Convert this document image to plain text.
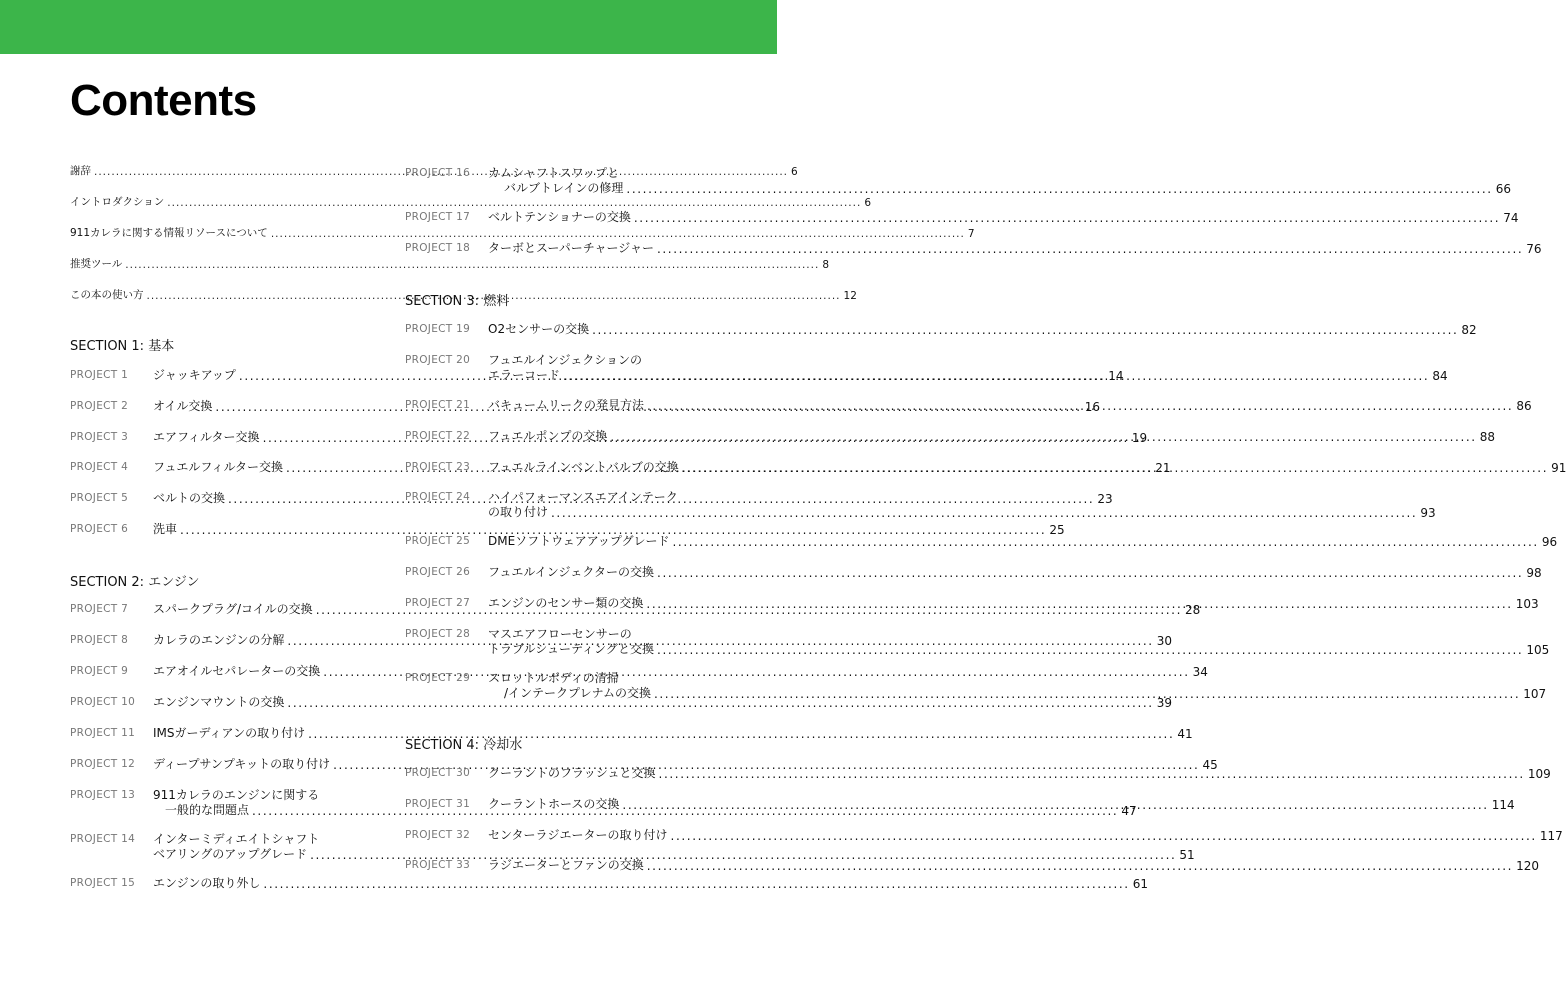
Contents
謝辞 .....	6
イントロダクション .....	6
911カレラに関する情報リソースについて .....	7
推奨ツール .....	8
この本の使い方 .....	12
SECTION 1: 基本
SECTION 2: エンジン
SECTION 3: 燃料
SECTION 4: 冷却水
PROJECT 1	ジャッキアップ .....	14
PROJECT 2	オイル交換 .....	16
PROJECT 3	エアフィルター交換 .....	19
PROJECT 4	フュエルフィルター交換 .....	21
PROJECT 5	ベルトの交換 .....	23
PROJECT 6	洗車 .....	25
PROJECT 7	スパークプラグ/コイルの交換 .....	28
PROJECT 8	カレラのエンジンの分解 .....	30
PROJECT 9	エアオイルセパレーターの交換 .....	34
PROJECT 10	エンジンマウントの交換 .....	39
PROJECT 11	IMSガーディアンの取り付け .....	41
PROJECT 12	ディープサンプキットの取り付け .....	45
PROJECT 13	911カレラのエンジンに関する
一般的な問題点 .....	47
PROJECT 14	インターミディエイトシャフト
ベアリングのアップグレード .....	51
PROJECT 15	エンジンの取り外し .....	61
PROJECT 16	カムシャフトスワップと
バルブトレインの修理 .....	66
PROJECT 17	ベルトテンショナーの交換 .....	74
PROJECT 18	ターボとスーパーチャージャー .....	76
PROJECT 19	O2センサーの交換 .....	82
PROJECT 20	フュエルインジェクションの
エラーコード .....	84
PROJECT 21	バキュームリークの発見方法 .....	86
PROJECT 22	フュエルポンプの交換 .....	88
PROJECT 23	フュエルラインベントバルブの交換 .....	91
PROJECT 24	ハイパフォーマンスエアインテーク
の取り付け .....	93
PROJECT 25	DMEソフトウェアアップグレード .....	96
PROJECT 26	フュエルインジェクターの交換 .....	98
PROJECT 27	エンジンのセンサー類の交換 .....	103
PROJECT 28	マスエアフローセンサーの
トラブルシューティングと交換 .....	105
PROJECT 29	スロットルボディの清掃
/インテークプレナムの交換 .....	107
PROJECT 30	クーラントのフラッシュと交換 .....	109
PROJECT 31	クーラントホースの交換 .....	114
PROJECT 32	センターラジエーターの取り付け .....	117
PROJECT 33	ラジエーターとファンの交換 .....	120
